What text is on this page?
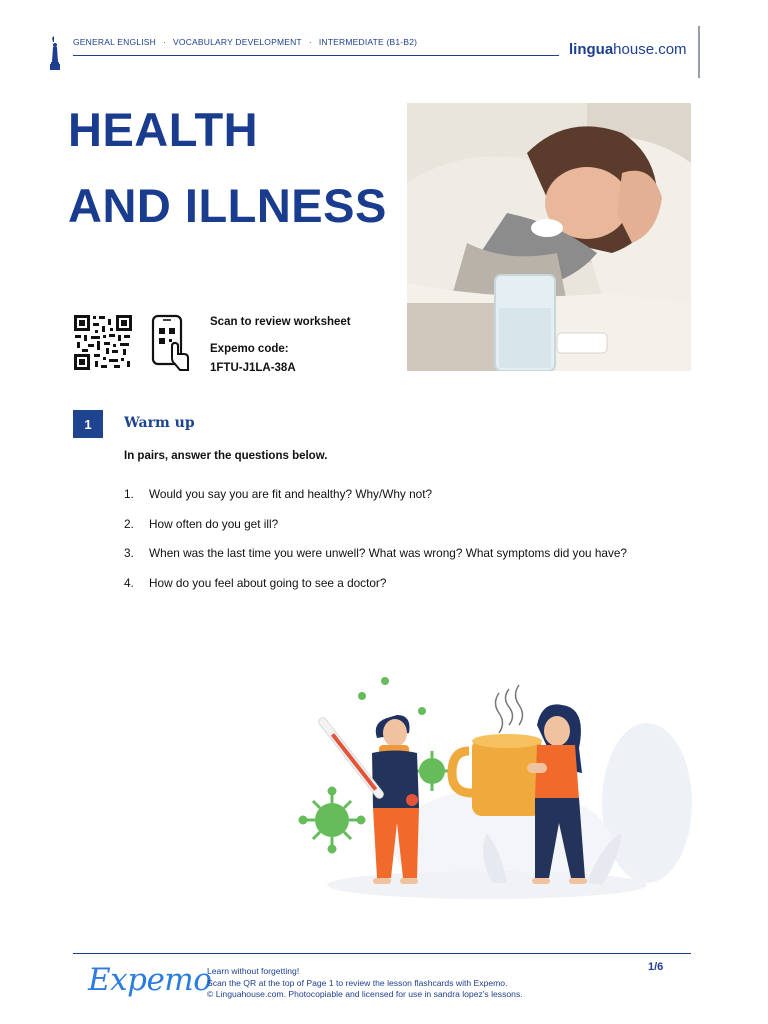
GENERAL ENGLISH · VOCABULARY DEVELOPMENT · INTERMEDIATE (B1-B2)	linguahouse.com
HEALTH
AND ILLNESS
Scan to review worksheet
Expemo code:
1FTU-J1LA-38A
1	Warm up
In pairs, answer the questions below.
1. Would you say you are fit and healthy? Why/Why not?
2. How often do you get ill?
3. When was the last time you were unwell? What was wrong? What symptoms did you have?
4. How do you feel about going to see a doctor?
Expemo
Learn without forgetting!
Scan the QR at the top of Page 1 to review the lesson flashcards with Expemo.
© Linguahouse.com. Photocopiable and licensed for use in sandra lopez's lessons.
1/6
